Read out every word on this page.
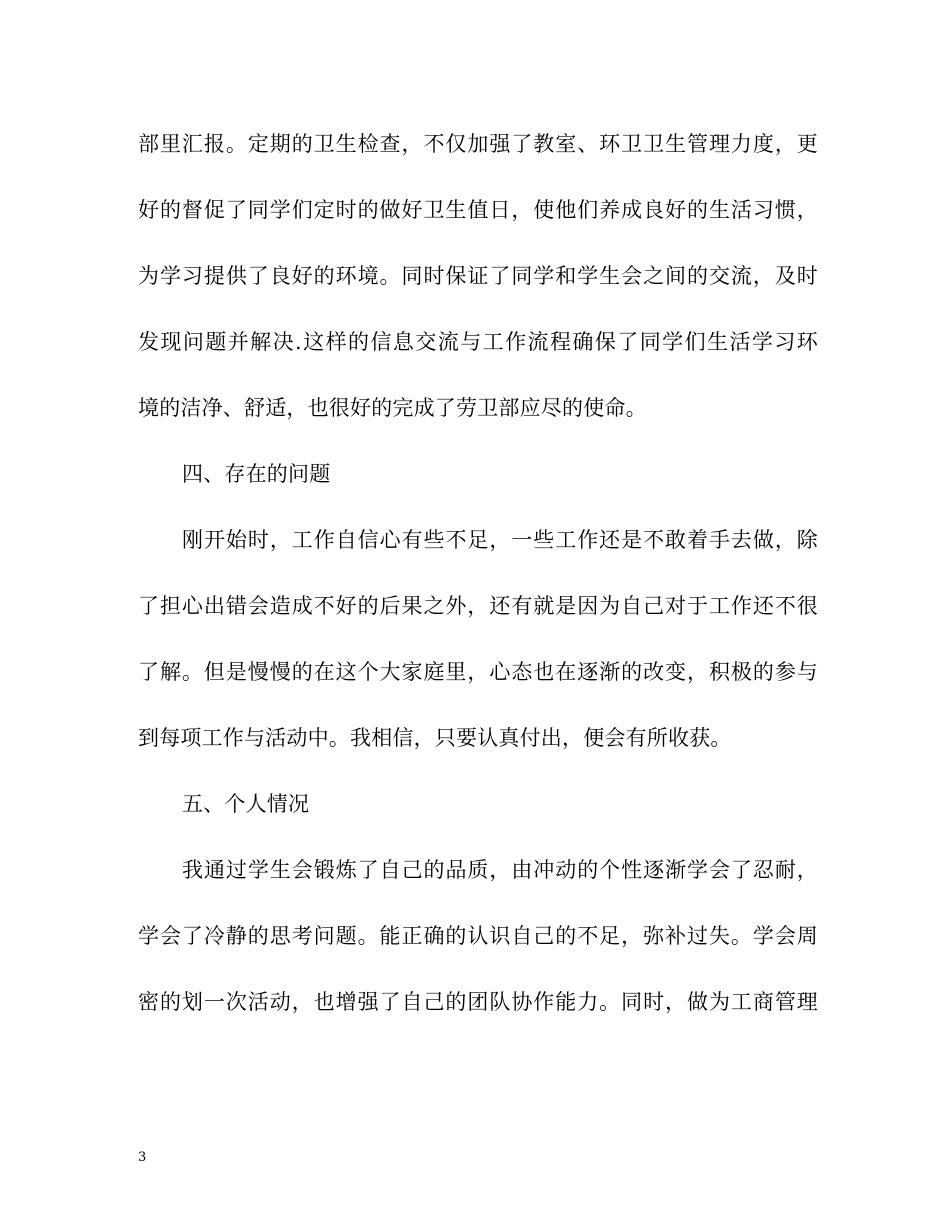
部里汇报。定期的卫生检查，不仅加强了教室、环卫卫生管理力度，更
好的督促了同学们定时的做好卫生值日，使他们养成良好的生活习惯，
为学习提供了良好的环境。同时保证了同学和学生会之间的交流，及时
发现问题并解决.这样的信息交流与工作流程确保了同学们生活学习环
境的洁净、舒适，也很好的完成了劳卫部应尽的使命。
四、存在的问题
刚开始时，工作自信心有些不足，一些工作还是不敢着手去做，除
了担心出错会造成不好的后果之外，还有就是因为自己对于工作还不很
了解。但是慢慢的在这个大家庭里，心态也在逐渐的改变，积极的参与
到每项工作与活动中。我相信，只要认真付出，便会有所收获。
五、个人情况
我通过学生会锻炼了自己的品质，由冲动的个性逐渐学会了忍耐，
学会了冷静的思考问题。能正确的认识自己的不足，弥补过失。学会周
密的划一次活动，也增强了自己的团队协作能力。同时，做为工商管理
3
